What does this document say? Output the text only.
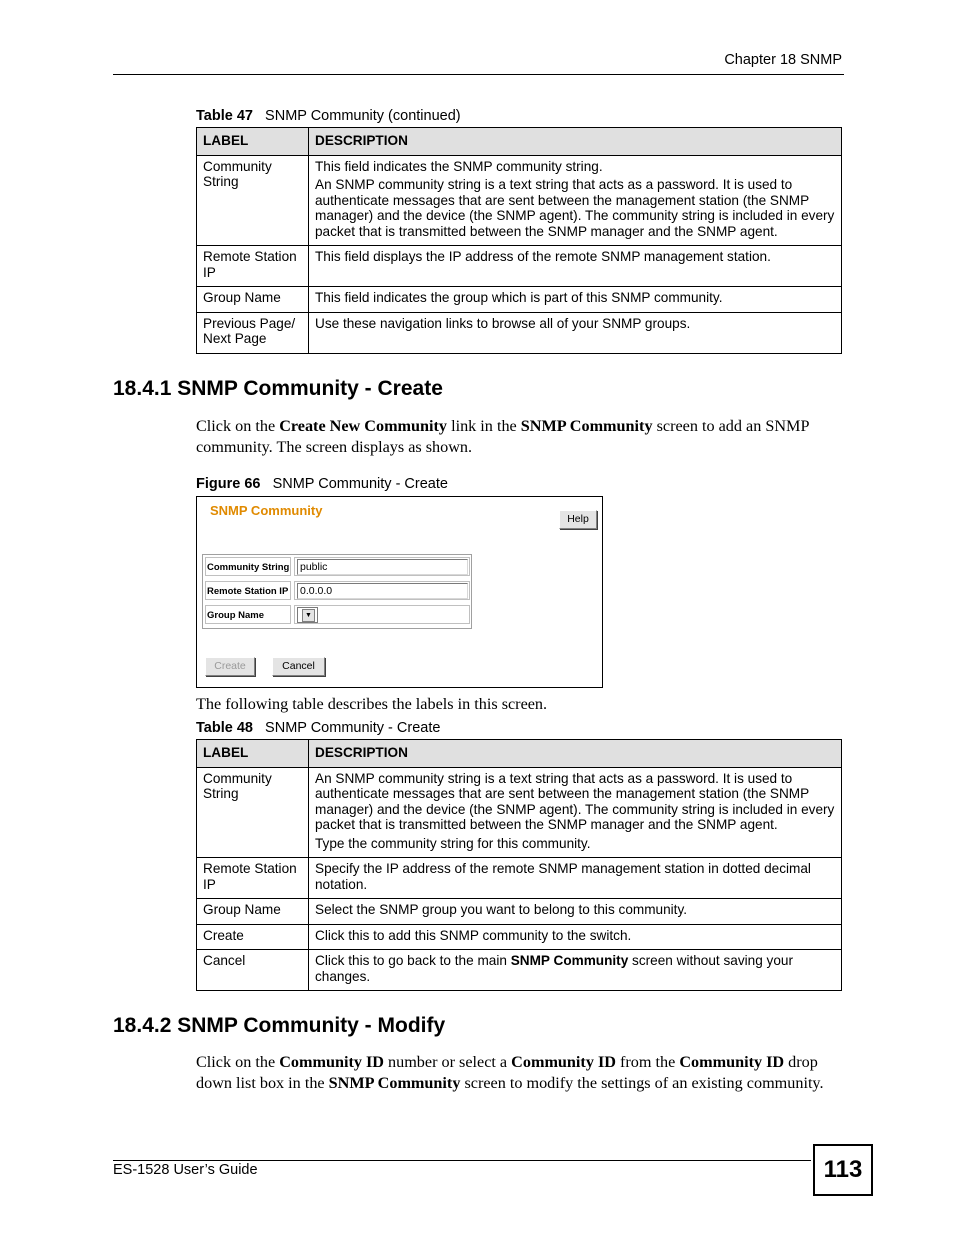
Chapter 18 SNMP
Table 47 SNMP Community (continued)
LABEL	DESCRIPTION
Community String	This field indicates the SNMP community string.

An SNMP community string is a text string that acts as a password. It is used to authenticate messages that are sent between the management station (the SNMP manager) and the device (the SNMP agent). The community string is included in every packet that is transmitted between the SNMP manager and the SNMP agent.

Remote Station IP	This field displays the IP address of the remote SNMP management station.
Group Name	This field indicates the group which is part of this SNMP community.
Previous Page/ Next Page	Use these navigation links to browse all of your SNMP groups.
18.4.1 SNMP Community - Create
Click on the Create New Community link in the SNMP Community screen to add an SNMP community. The screen displays as shown.
Figure 66 SNMP Community - Create
SNMP Community
Help
Community String public
Remote Station IP 0.0.0.0
Group Name	▼
Create	Cancel
The following table describes the labels in this screen.
Table 48 SNMP Community - Create
LABEL	DESCRIPTION
Community String	An SNMP community string is a text string that acts as a password. It is used to authenticate messages that are sent between the management station (the SNMP manager) and the device (the SNMP agent). The community string is included in every packet that is transmitted between the SNMP manager and the SNMP agent.

Type the community string for this community.

Remote Station IP	Specify the IP address of the remote SNMP management station in dotted decimal notation.
Group Name	Select the SNMP group you want to belong to this community.
Create	Click this to add this SNMP community to the switch.
Cancel	Click this to go back to the main SNMP Community screen without saving your changes.
18.4.2 SNMP Community - Modify
Click on the Community ID number or select a Community ID from the Community ID drop down list box in the SNMP Community screen to modify the settings of an existing community.
ES-1528 User’s Guide	113
